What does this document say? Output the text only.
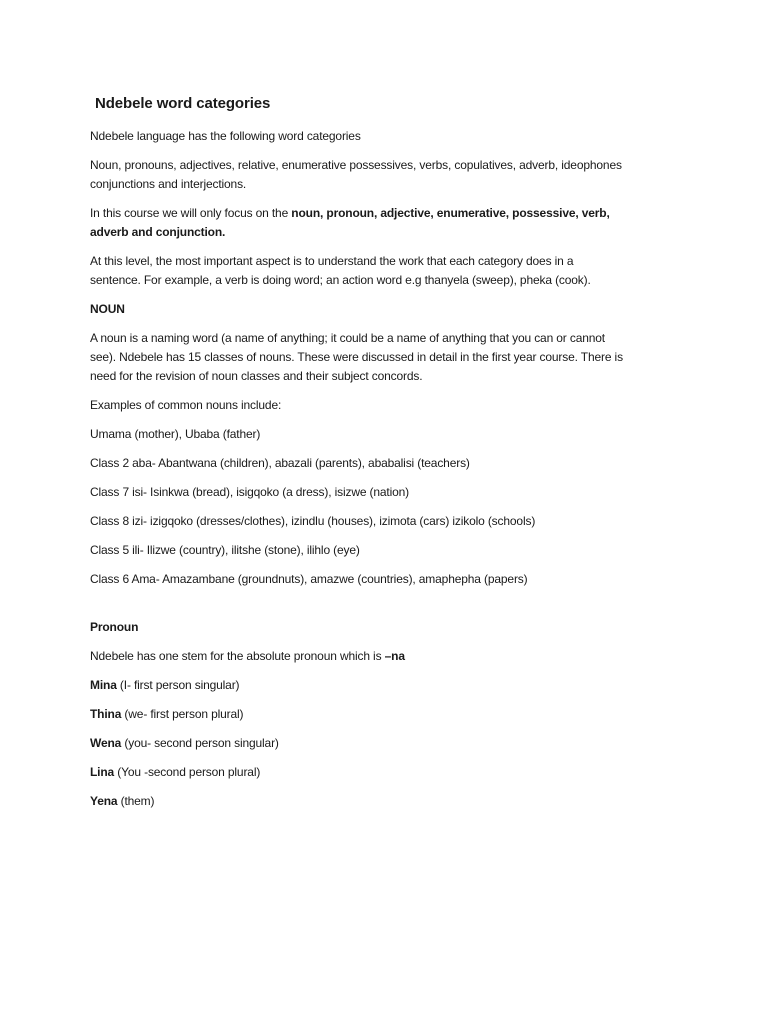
Ndebele word categories

Ndebele language has the following word categories

Noun, pronouns, adjectives, relative, enumerative possessives, verbs, copulatives, adverb, ideophones
conjunctions and interjections.

In this course we will only focus on the noun, pronoun, adjective, enumerative, possessive, verb,
adverb and conjunction.

At this level, the most important aspect is to understand the work that each category does in a
sentence. For example, a verb is doing word; an action word e.g thanyela (sweep), pheka (cook).

NOUN

A noun is a naming word (a name of anything; it could be a name of anything that you can or cannot
see). Ndebele has 15 classes of nouns. These were discussed in detail in the first year course. There is
need for the revision of noun classes and their subject concords.

Examples of common nouns include:

Umama (mother), Ubaba (father)

Class 2 aba- Abantwana (children), abazali (parents), ababalisi (teachers)

Class 7 isi- Isinkwa (bread), isigqoko (a dress), isizwe (nation)

Class 8 izi- izigqoko (dresses/clothes), izindlu (houses), izimota (cars) izikolo (schools)

Class 5 ili- Ilizwe (country), ilitshe (stone), ilihlo (eye)

Class 6 Ama- Amazambane (groundnuts), amazwe (countries), amaphepha (papers)

Pronoun

Ndebele has one stem for the absolute pronoun which is –na

Mina (I- first person singular)

Thina (we- first person plural)

Wena (you- second person singular)

Lina (You -second person plural)

Yena (them)
